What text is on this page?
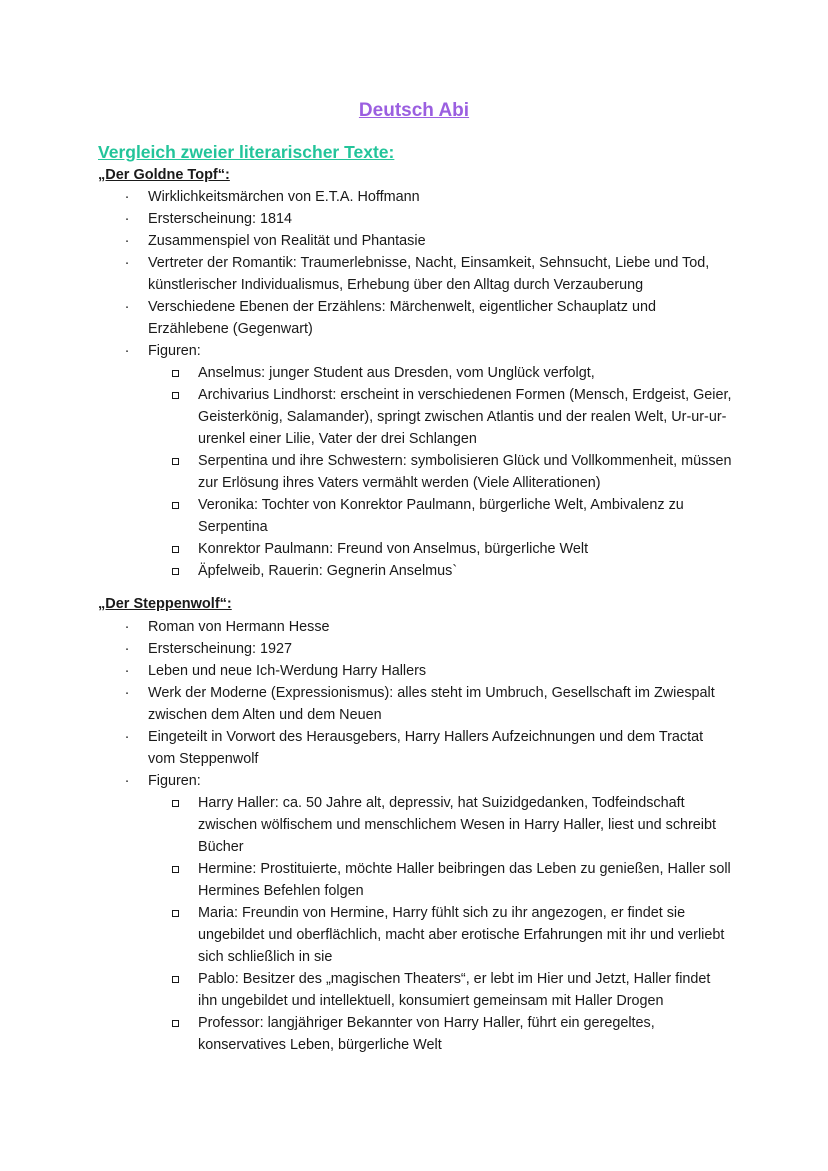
Deutsch Abi
Vergleich zweier literarischer Texte:
„Der Goldne Topf“:
· Wirklichkeitsmärchen von E.T.A. Hoffmann
· Ersterscheinung: 1814
· Zusammenspiel von Realität und Phantasie
· Vertreter der Romantik: Traumerlebnisse, Nacht, Einsamkeit, Sehnsucht, Liebe und Tod, künstlerischer Individualismus, Erhebung über den Alltag durch Verzauberung
· Verschiedene Ebenen der Erzählens: Märchenwelt, eigentlicher Schauplatz und Erzählebene (Gegenwart)
· Figuren:
Anselmus: junger Student aus Dresden, vom Unglück verfolgt,
Archivarius Lindhorst: erscheint in verschiedenen Formen (Mensch, Erdgeist, Geier, Geisterkönig, Salamander), springt zwischen Atlantis und der realen Welt, Ur-ur-ur-urenkel einer Lilie, Vater der drei Schlangen
Serpentina und ihre Schwestern: symbolisieren Glück und Vollkommenheit, müssen zur Erlösung ihres Vaters vermählt werden (Viele Alliterationen)
Veronika: Tochter von Konrektor Paulmann, bürgerliche Welt, Ambivalenz zu Serpentina
Konrektor Paulmann: Freund von Anselmus, bürgerliche Welt
Äpfelweib, Rauerin: Gegnerin Anselmus`
„Der Steppenwolf“:
· Roman von Hermann Hesse
· Ersterscheinung: 1927
· Leben und neue Ich-Werdung Harry Hallers
· Werk der Moderne (Expressionismus): alles steht im Umbruch, Gesellschaft im Zwiespalt zwischen dem Alten und dem Neuen
· Eingeteilt in Vorwort des Herausgebers, Harry Hallers Aufzeichnungen und dem Tractat vom Steppenwolf
· Figuren:
Harry Haller: ca. 50 Jahre alt, depressiv, hat Suizidgedanken, Todfeindschaft zwischen wölfischem und menschlichem Wesen in Harry Haller, liest und schreibt Bücher
Hermine: Prostituierte, möchte Haller beibringen das Leben zu genießen, Haller soll Hermines Befehlen folgen
Maria: Freundin von Hermine, Harry fühlt sich zu ihr angezogen, er findet sie ungebildet und oberflächlich, macht aber erotische Erfahrungen mit ihr und verliebt sich schließlich in sie
Pablo: Besitzer des „magischen Theaters“, er lebt im Hier und Jetzt, Haller findet ihn ungebildet und intellektuell, konsumiert gemeinsam mit Haller Drogen
Professor: langjähriger Bekannter von Harry Haller, führt ein geregeltes, konservatives Leben, bürgerliche Welt
